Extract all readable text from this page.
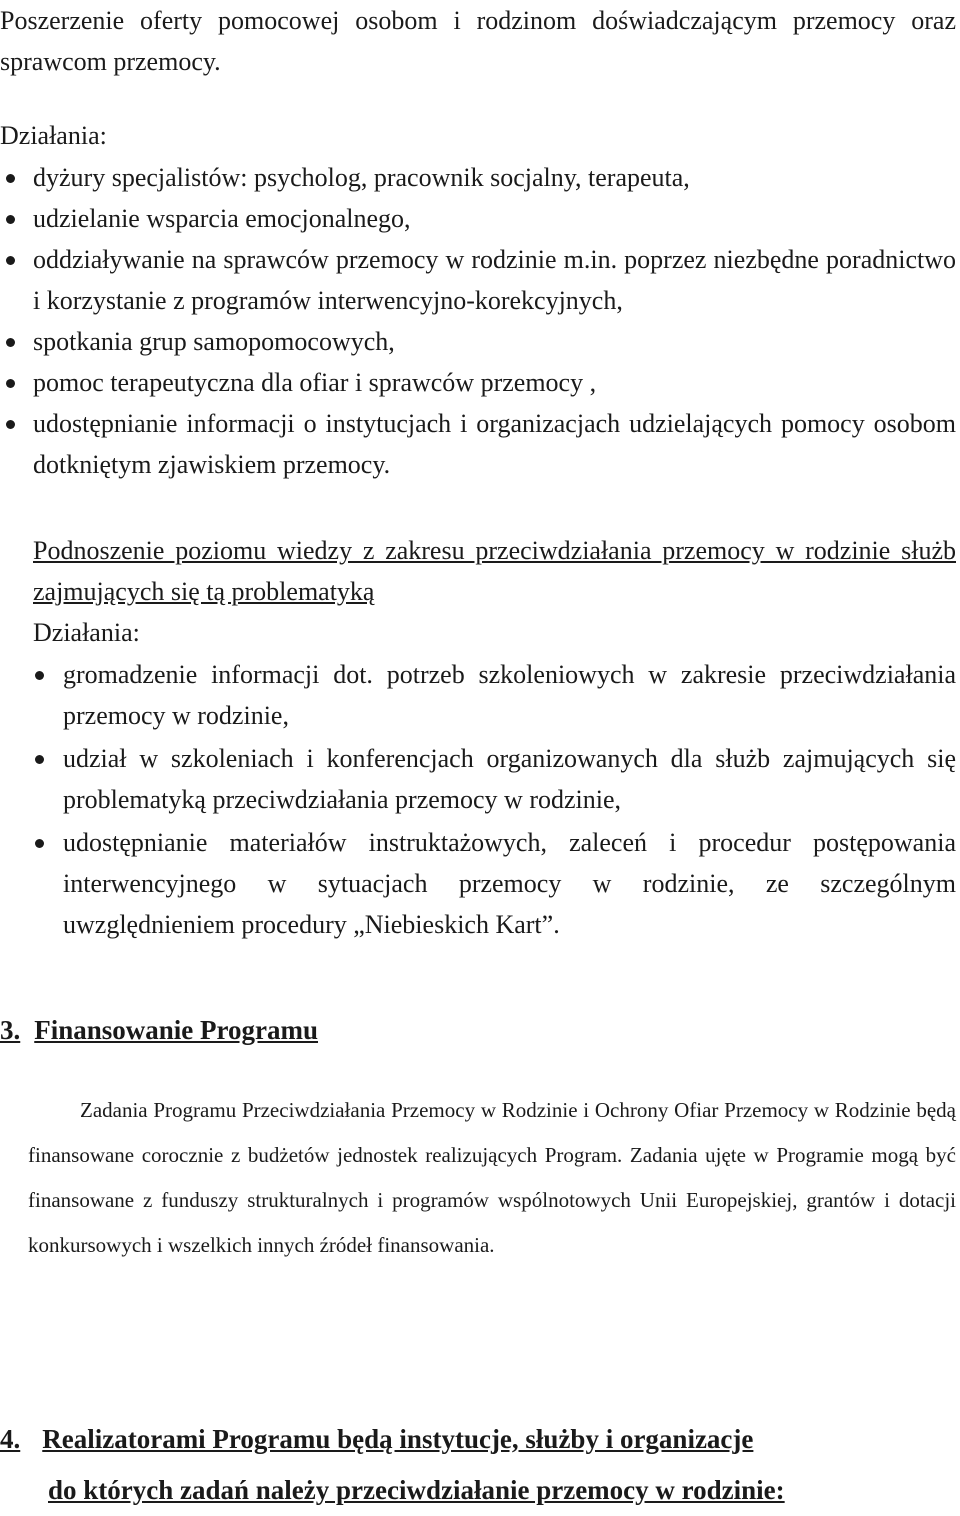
Poszerzenie oferty pomocowej osobom i rodzinom doświadczającym przemocy oraz sprawcom przemocy.

Działania:
dyżury specjalistów: psycholog, pracownik socjalny, terapeuta,
udzielanie wsparcia emocjonalnego,
oddziaływanie na sprawców przemocy w rodzinie m.in. poprzez niezbędne poradnictwo i korzystanie z programów interwencyjno-korekcyjnych,
spotkania grup samopomocowych,
pomoc terapeutyczna dla ofiar i sprawców przemocy ,
udostępnianie informacji o instytucjach i organizacjach udzielających pomocy osobom dotkniętym zjawiskiem przemocy.
Podnoszenie poziomu wiedzy z zakresu przeciwdziałania przemocy w rodzinie służb zajmujących się tą problematyką
Działania:
gromadzenie informacji dot. potrzeb szkoleniowych w zakresie przeciwdziałania przemocy w rodzinie,
udział w szkoleniach i konferencjach organizowanych dla służb zajmujących się problematyką przeciwdziałania przemocy w rodzinie,
udostępnianie materiałów instruktażowych, zaleceń i procedur postępowania interwencyjnego w sytuacjach przemocy w rodzinie, ze szczególnym uwzględnieniem procedury „Niebieskich Kart”.
3. Finansowanie Programu

Zadania Programu Przeciwdziałania Przemocy w Rodzinie i Ochrony Ofiar Przemocy w Rodzinie będą finansowane corocznie z budżetów jednostek realizujących Program. Zadania ujęte w Programie mogą być finansowane z funduszy strukturalnych i programów wspólnotowych Unii Europejskiej, grantów i dotacji konkursowych i wszelkich innych źródeł finansowania.

4. Realizatorami Programu będą instytucje, służby i organizacje
do których zadań należy przeciwdziałanie przemocy w rodzinie:
